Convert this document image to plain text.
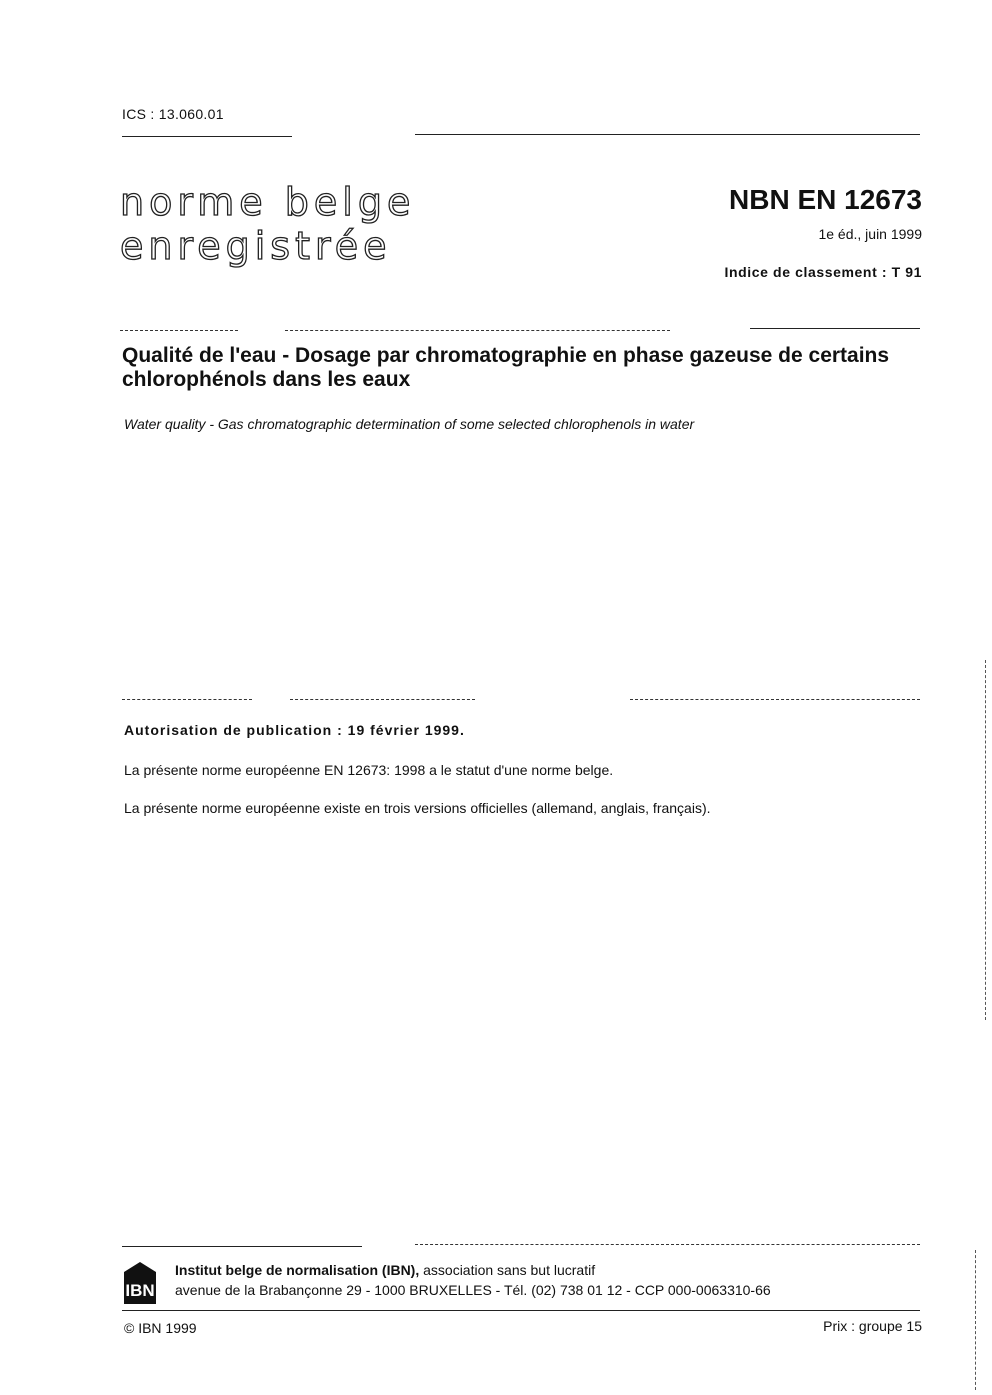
ICS : 13.060.01
norme belge
enregistrée
NBN EN 12673
1e éd., juin 1999
Indice de classement : T 91
Qualité de l'eau - Dosage par chromatographie en phase gazeuse de certains chlorophénols dans les eaux
Water quality - Gas chromatographic determination of some selected chlorophenols in water
Autorisation de publication : 19 février 1999.
La présente norme européenne EN 12673: 1998 a le statut d'une norme belge.
La présente norme européenne existe en trois versions officielles (allemand, anglais, français).
IBN
Institut belge de normalisation (IBN), association sans but lucratif
avenue de la Brabançonne 29 - 1000 BRUXELLES - Tél. (02) 738 01 12 - CCP 000-0063310-66
© IBN 1999	Prix : groupe 15
